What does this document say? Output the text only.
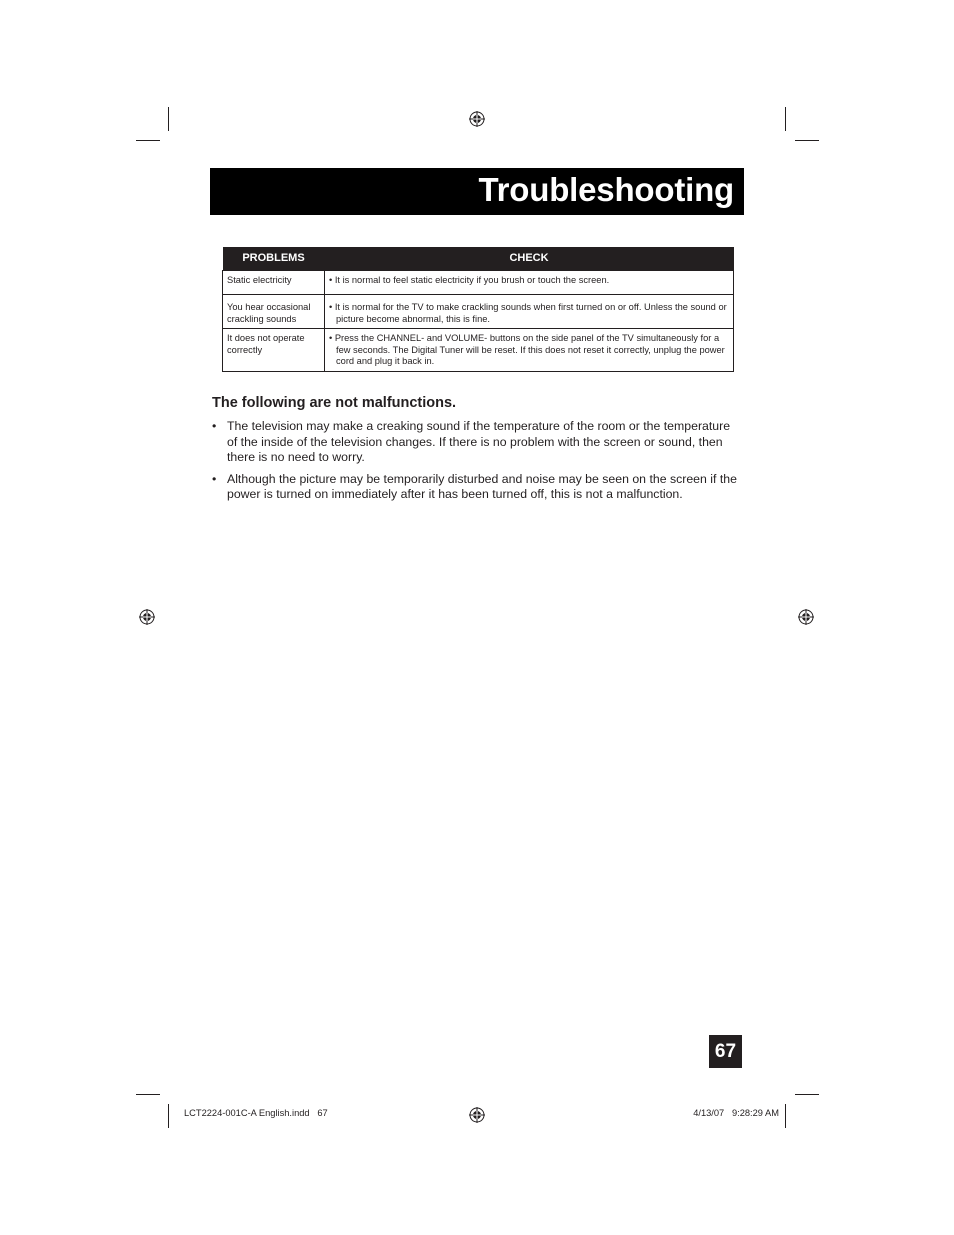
Troubleshooting
PROBLEMS	CHECK
Static electricity	• It is normal to feel static electricity if you brush or touch the screen.

You hear occasional crackling sounds	• It is normal for the TV to make crackling sounds when first turned on or off. Unless the sound or picture become abnormal, this is fine.

It does not operate correctly	• Press the CHANNEL- and VOLUME- buttons on the side panel of the TV simultaneously for a few seconds. The Digital Tuner will be reset. If this does not reset it correctly, unplug the power cord and plug it back in.
The following are not malfunctions.
• The television may make a creaking sound if the temperature of the room or the temperature of the inside of the television changes. If there is no problem with the screen or sound, then there is no need to worry.
• Although the picture may be temporarily disturbed and noise may be seen on the screen if the power is turned on immediately after it has been turned off, this is not a malfunction.
67
LCT2224-001C-A English.indd   67	4/13/07   9:28:29 AM
